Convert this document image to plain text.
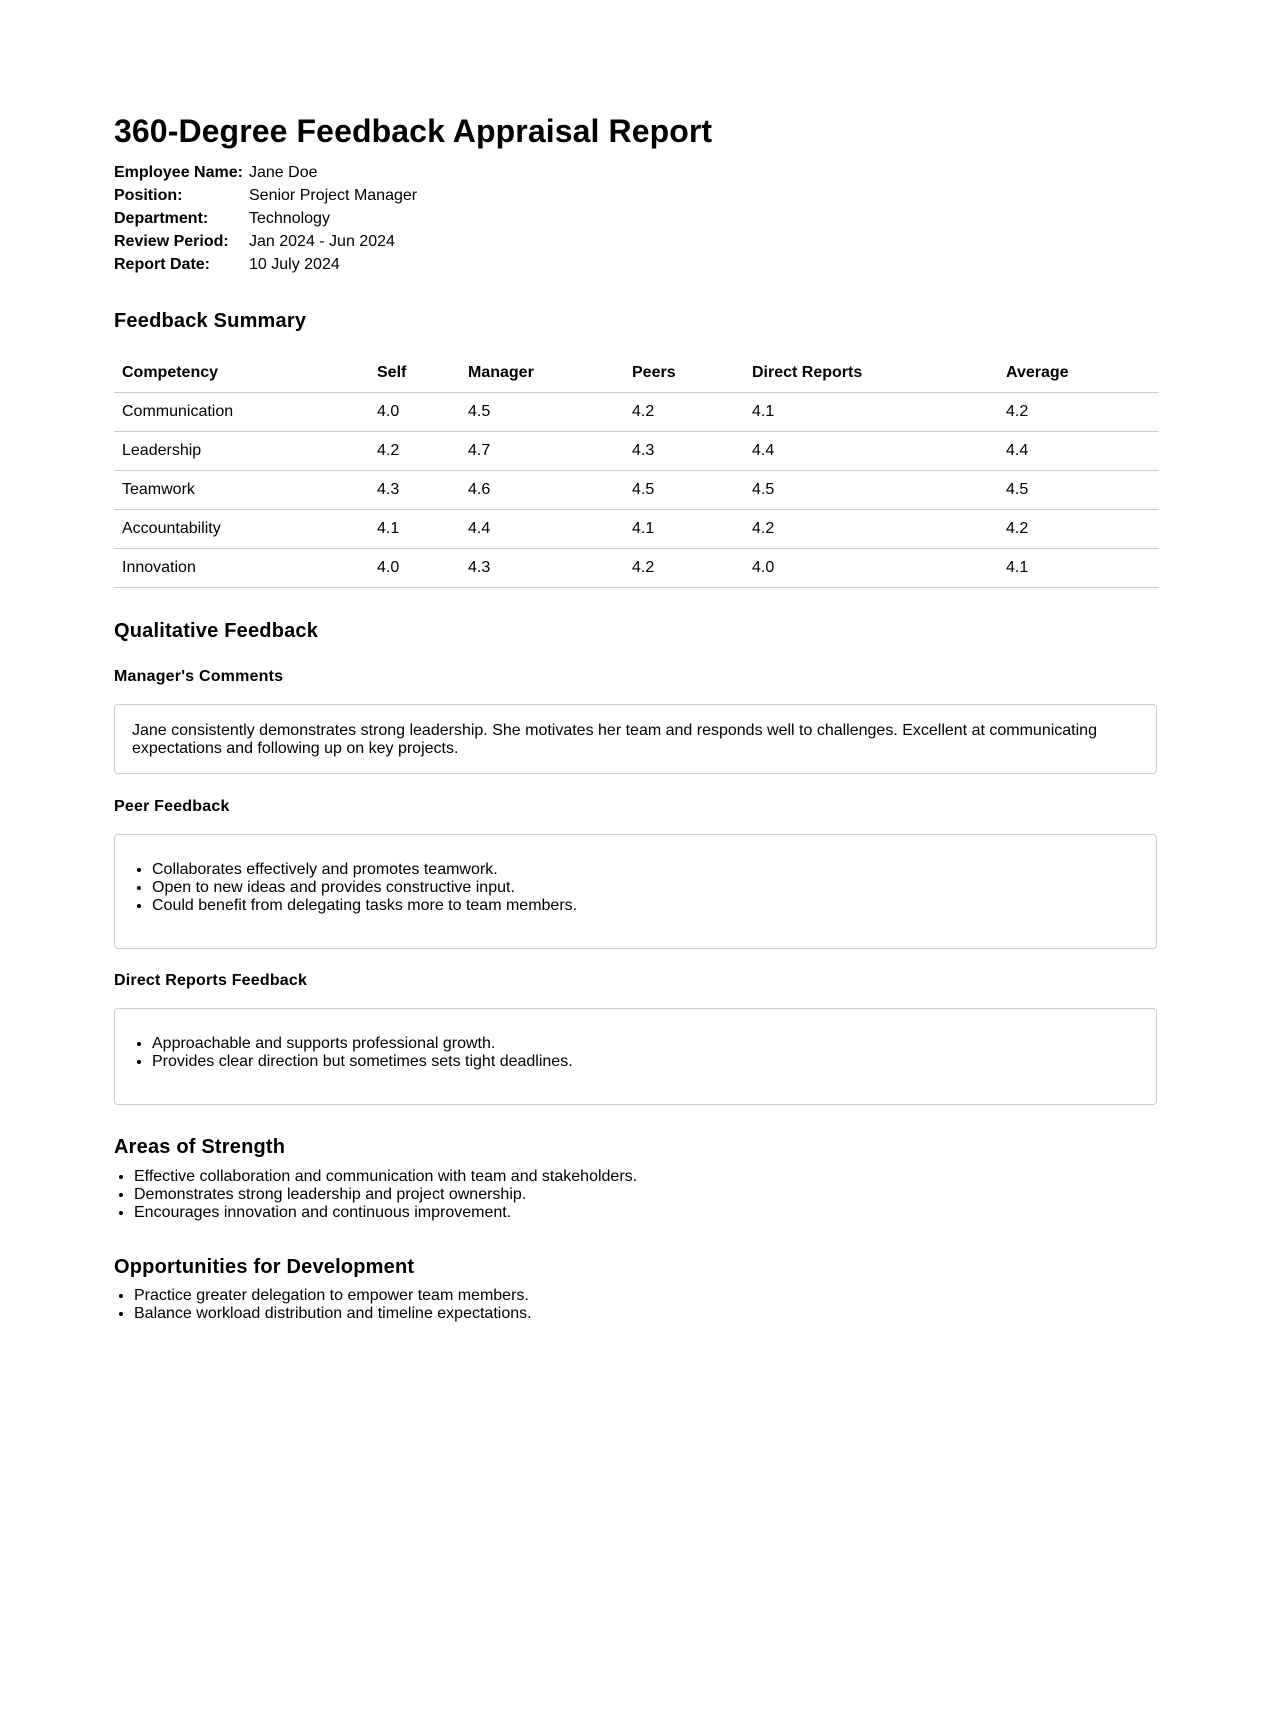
360-Degree Feedback Appraisal Report
Employee Name: Jane Doe
Position:	Senior Project Manager
Department:	Technology
Review Period: Jan 2024 - Jun 2024
Report Date: 10 July 2024
Feedback Summary
Competency	Self	Manager	Peers	Direct Reports	Average
Communication	4.0	4.5	4.2	4.1	4.2
Leadership	4.2	4.7	4.3	4.4	4.4
Teamwork	4.3	4.6	4.5	4.5	4.5
Accountability	4.1	4.4	4.1	4.2	4.2
Innovation	4.0	4.3	4.2	4.0	4.1
Qualitative Feedback
Manager's Comments

Jane consistently demonstrates strong leadership. She motivates her team and responds well to challenges. Excellent at communicating expectations and following up on key projects.

Peer Feedback
• Collaborates effectively and promotes teamwork.
• Open to new ideas and provides constructive input.
• Could benefit from delegating tasks more to team members.
Direct Reports Feedback
• Approachable and supports professional growth.
• Provides clear direction but sometimes sets tight deadlines.
Areas of Strength
• Effective collaboration and communication with team and stakeholders.
• Demonstrates strong leadership and project ownership.
• Encourages innovation and continuous improvement.
Opportunities for Development
• Practice greater delegation to empower team members.
• Balance workload distribution and timeline expectations.
